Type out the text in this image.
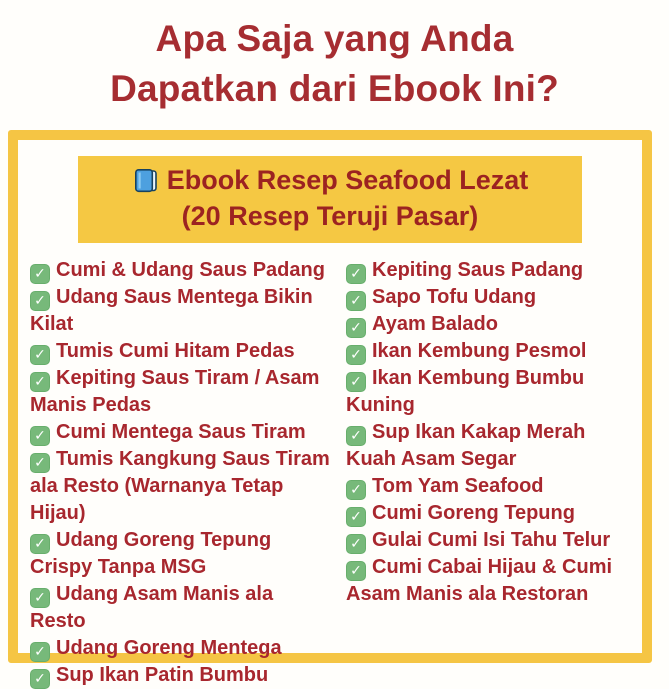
Apa Saja yang Anda
Dapatkan dari Ebook Ini?
Ebook Resep Seafood Lezat
(20 Resep Teruji Pasar)
✓ Cumi & Udang Saus Padang
✓ Udang Saus Mentega Bikin Kilat
✓ Tumis Cumi Hitam Pedas
✓ Kepiting Saus Tiram / Asam Manis Pedas
✓ Cumi Mentega Saus Tiram
✓ Tumis Kangkung Saus Tiram ala Resto (Warnanya Tetap Hijau)
✓ Udang Goreng Tepung Crispy Tanpa MSG
✓ Udang Asam Manis ala Resto
✓ Udang Goreng Mentega
✓ Sup Ikan Patin Bumbu
✓ Kepiting Saus Padang
✓ Sapo Tofu Udang
✓ Ayam Balado
✓ Ikan Kembung Pesmol
✓ Ikan Kembung Bumbu Kuning
✓ Sup Ikan Kakap Merah Kuah Asam Segar
✓ Tom Yam Seafood
✓ Cumi Goreng Tepung
✓ Gulai Cumi Isi Tahu Telur
✓ Cumi Cabai Hijau & Cumi Asam Manis ala Restoran
